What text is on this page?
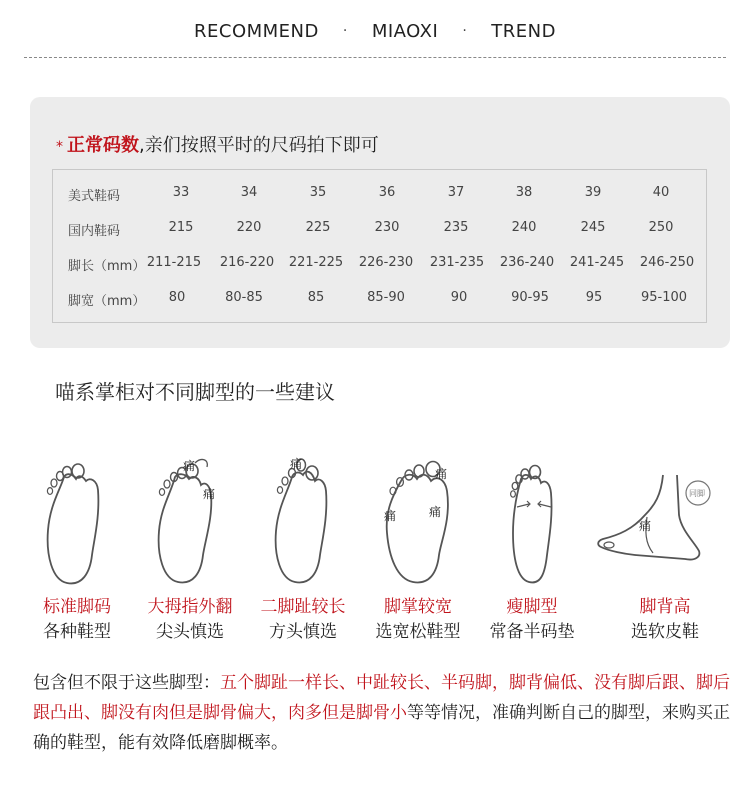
RECOMMEND · MIAOXI · TREND
* 正常码数,亲们按照平时的尺码拍下即可
美式鞋码	33	34	35	36	37	38	39	40
国内鞋码	215	220	225	230	235	240	245	250
脚长（mm） 211-215	216-220	221-225	226-230	231-235	236-240	241-245	246-250
脚宽（mm）	80	80-85	85	85-90	90	90-95	95	95-100
喵系掌柜对不同脚型的一些建议
痛
痛
痛
痛
痛	痛
同脚
痛
标准脚码
各种鞋型
大拇指外翻
尖头慎选
二脚趾较长
方头慎选
脚掌较宽
选宽松鞋型
瘦脚型
常备半码垫
脚背高
选软皮鞋
包含但不限于这些脚型：五个脚趾一样长、中趾较长、半码脚，脚背偏低、没有脚后跟、脚后跟凸出、脚没有肉但是脚骨偏大，肉多但是脚骨小等等情况，准确判断自己的脚型，来购买正确的鞋型，能有效降低磨脚概率。
